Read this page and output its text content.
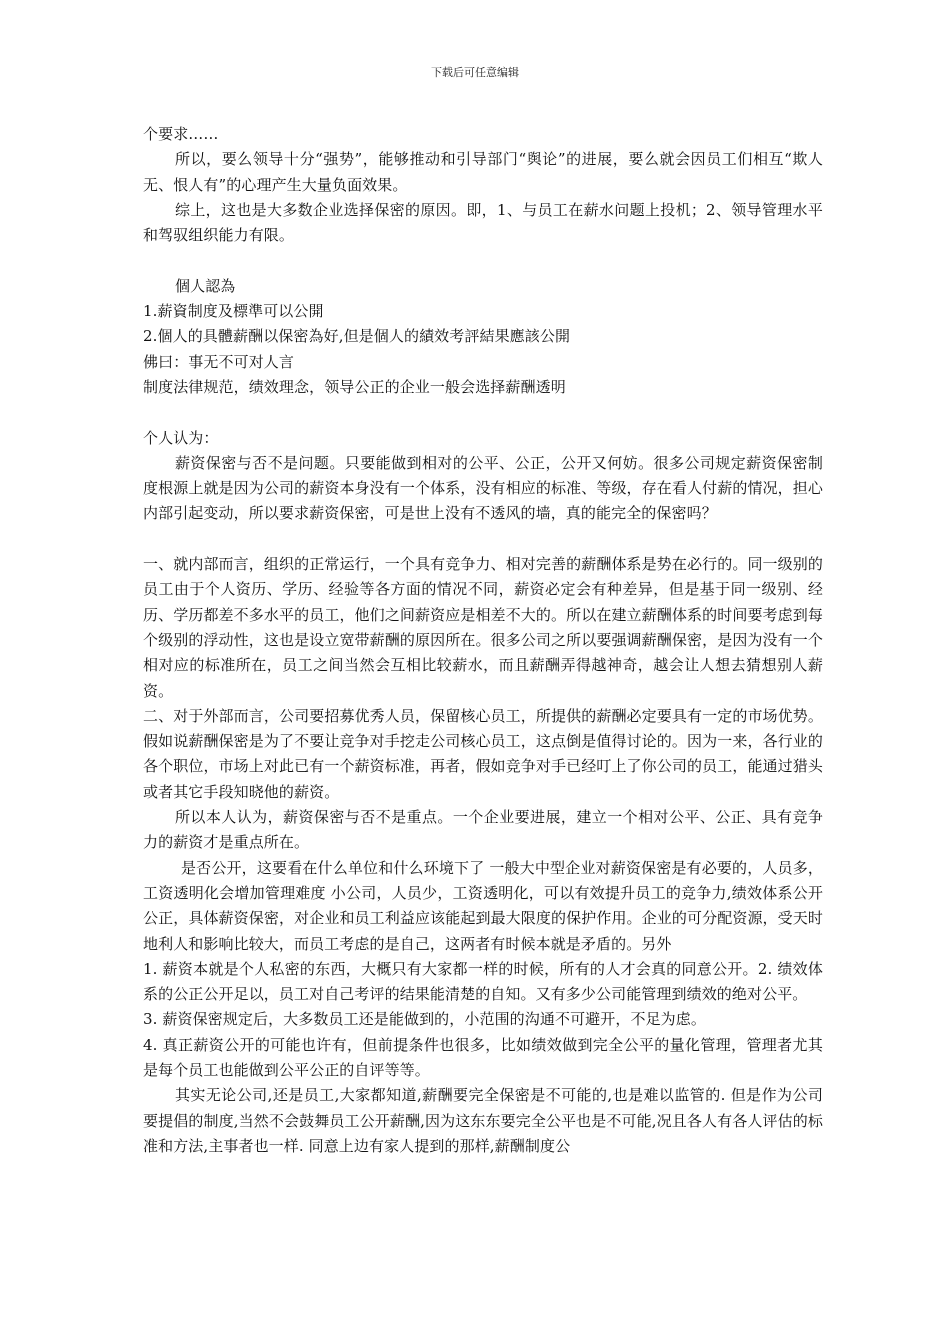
下载后可任意编辑

个要求……

所以，要么领导十分“强势”，能够推动和引导部门“舆论”的进展，要么就会因员工们相互“欺人无、恨人有”的心理产生大量负面效果。

综上，这也是大多数企业选择保密的原因。即，1、与员工在薪水问题上投机；2、领导管理水平和驾驭组织能力有限。

個人認為

1.薪資制度及標準可以公開

2.個人的具體薪酬以保密為好,但是個人的績效考評結果應該公開

佛曰：事无不可对人言

制度法律规范，绩效理念，领导公正的企业一般会选择薪酬透明

个人认为：

薪资保密与否不是问题。只要能做到相对的公平、公正，公开又何妨。很多公司规定薪资保密制度根源上就是因为公司的薪资本身没有一个体系，没有相应的标准、等级，存在看人付薪的情况，担心内部引起变动，所以要求薪资保密，可是世上没有不透风的墙，真的能完全的保密吗？

一、就内部而言，组织的正常运行，一个具有竞争力、相对完善的薪酬体系是势在必行的。同一级别的员工由于个人资历、学历、经验等各方面的情况不同，薪资必定会有种差异，但是基于同一级别、经历、学历都差不多水平的员工，他们之间薪资应是相差不大的。所以在建立薪酬体系的时间要考虑到每个级别的浮动性，这也是设立宽带薪酬的原因所在。很多公司之所以要强调薪酬保密，是因为没有一个相对应的标准所在，员工之间当然会互相比较薪水，而且薪酬弄得越神奇，越会让人想去猜想别人薪资。

二、对于外部而言，公司要招募优秀人员，保留核心员工，所提供的薪酬必定要具有一定的市场优势。假如说薪酬保密是为了不要让竞争对手挖走公司核心员工，这点倒是值得讨论的。因为一来，各行业的各个职位，市场上对此已有一个薪资标准，再者，假如竞争对手已经叮上了你公司的员工，能通过猎头或者其它手段知晓他的薪资。

所以本人认为，薪资保密与否不是重点。一个企业要进展，建立一个相对公平、公正、具有竞争力的薪资才是重点所在。

是否公开，这要看在什么单位和什么环境下了 一般大中型企业对薪资保密是有必要的，人员多，工资透明化会增加管理难度 小公司，人员少，工资透明化，可以有效提升员工的竞争力,绩效体系公开公正，具体薪资保密，对企业和员工利益应该能起到最大限度的保护作用。企业的可分配资源，受天时地利人和影响比较大，而员工考虑的是自己，这两者有时候本就是矛盾的。另外

1. 薪资本就是个人私密的东西，大概只有大家都一样的时候，所有的人才会真的同意公开。2. 绩效体系的公正公开足以，员工对自己考评的结果能清楚的自知。又有多少公司能管理到绩效的绝对公平。

3. 薪资保密规定后，大多数员工还是能做到的，小范围的沟通不可避开，不足为虑。

4. 真正薪资公开的可能也许有，但前提条件也很多，比如绩效做到完全公平的量化管理，管理者尤其是每个员工也能做到公平公正的自评等等。

其实无论公司,还是员工,大家都知道,薪酬要完全保密是不可能的,也是难以监管的. 但是作为公司要提倡的制度,当然不会鼓舞员工公开薪酬,因为这东东要完全公平也是不可能,况且各人有各人评估的标准和方法,主事者也一样. 同意上边有家人提到的那样,薪酬制度公
